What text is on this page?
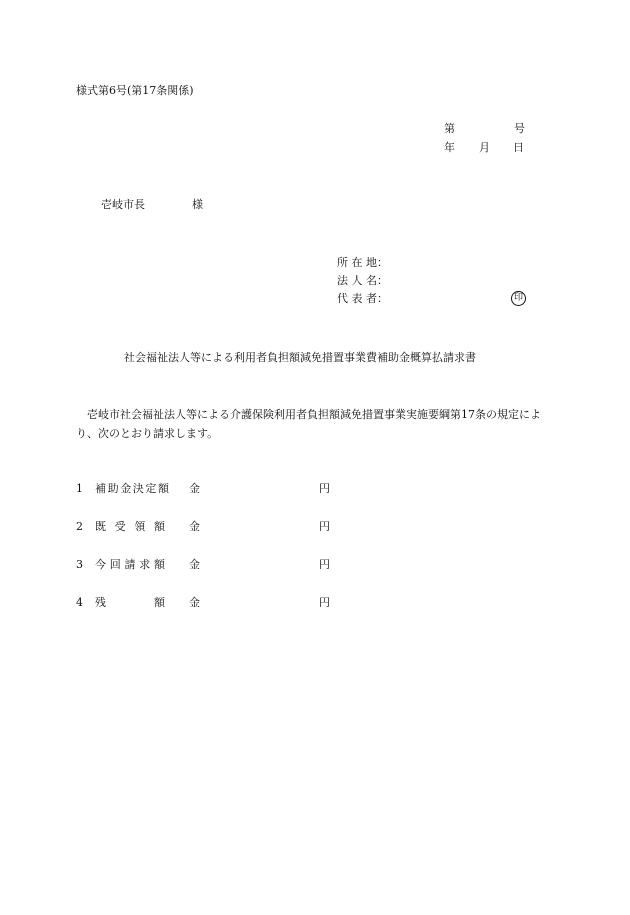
様式第6号(第17条関係)
第	号
年 月 日
壱岐市長	様
所 在 地：
法 人 名：
代 表 者：	印
社会福祉法人等による利用者負担額減免措置事業費補助金概算払請求書
壱岐市社会福祉法人等による介護保険利用者負担額減免措置事業実施要綱第17条の規定により、次のとおり請求します。
1 補 助 金 決 定 額 金	円
2 既 受 領 額 金	円
3 今 回 請 求 額 金	円
4 残	額 金	円
